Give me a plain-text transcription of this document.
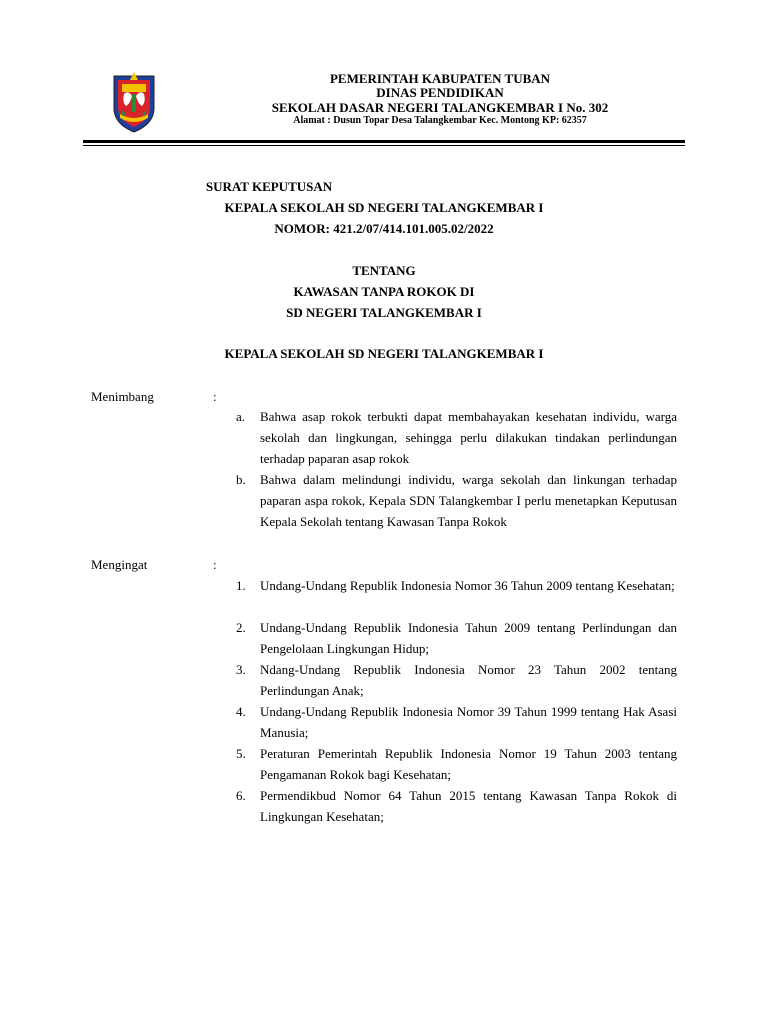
PEMERINTAH KABUPATEN TUBAN
DINAS PENDIDIKAN
SEKOLAH DASAR NEGERI TALANGKEMBAR I No. 302
Alamat : Dusun Topar Desa Talangkembar Kec. Montong KP: 62357
SURAT KEPUTUSAN
KEPALA SEKOLAH SD NEGERI TALANGKEMBAR I
NOMOR: 421.2/07/414.101.005.02/2022
TENTANG
KAWASAN TANPA ROKOK DI
SD NEGERI TALANGKEMBAR I
KEPALA SEKOLAH SD NEGERI TALANGKEMBAR I
Menimbang	:
a.	Bahwa asap rokok terbukti dapat membahayakan kesehatan individu, warga sekolah dan lingkungan, sehingga perlu dilakukan tindakan perlindungan terhadap paparan asap rokok
b.	Bahwa dalam melindungi individu, warga sekolah dan linkungan terhadap paparan aspa rokok, Kepala SDN Talangkembar I perlu menetapkan Keputusan Kepala Sekolah tentang Kawasan Tanpa Rokok
Mengingat	:
1.	Undang-Undang Republik Indonesia Nomor 36 Tahun 2009 tentang Kesehatan;
2.	Undang-Undang Republik Indonesia Tahun 2009 tentang Perlindungan dan Pengelolaan Lingkungan Hidup;
3.	Ndang-Undang Republik Indonesia Nomor 23 Tahun 2002 tentang Perlindungan Anak;
4.	Undang-Undang Republik Indonesia Nomor 39 Tahun 1999 tentang Hak Asasi Manusia;
5.	Peraturan Pemerintah Republik Indonesia Nomor 19 Tahun 2003 tentang Pengamanan Rokok bagi Kesehatan;
6.	Permendikbud Nomor 64 Tahun 2015 tentang Kawasan Tanpa Rokok di Lingkungan Kesehatan;
